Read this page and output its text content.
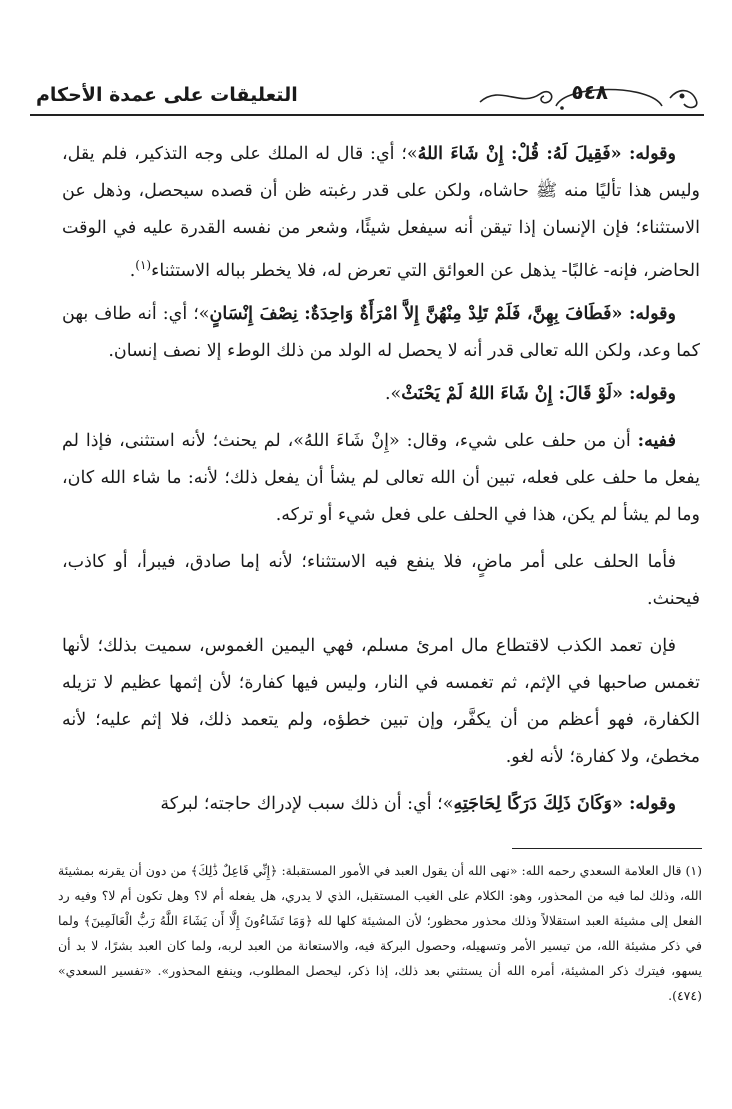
التعليقات على عمدة الأحكام	٥٤٨

وقوله: «فَقِيلَ لَهُ: قُلْ: إِنْ شَاءَ اللهُ»؛ أي: قال له الملك على وجه التذكير، فلم يقل، وليس هذا تأليًا منه ﷺ حاشاه، ولكن على قدر رغبته ظن أن قصده سيحصل، وذهل عن الاستثناء؛ فإن الإنسان إذا تيقن أنه سيفعل شيئًا، وشعر من نفسه القدرة عليه في الوقت الحاضر، فإنه- غالبًا- يذهل عن العوائق التي تعرض له، فلا يخطر بباله الاستثناء$^{(١)}$.

وقوله: «فَطَافَ بِهِنَّ، فَلَمْ تَلِدْ مِنْهُنَّ إِلاَّ امْرَأَةٌ وَاحِدَةٌ: نِصْفَ إِنْسَانٍ»؛ أي: أنه طاف بهن كما وعد، ولكن الله تعالى قدر أنه لا يحصل له الولد من ذلك الوطء إلا نصف إنسان.

وقوله: «لَوْ قَالَ: إِنْ شَاءَ اللهُ لَمْ يَحْنَثْ».

ففيه: أن من حلف على شيء، وقال: «إِنْ شَاءَ اللهُ»، لم يحنث؛ لأنه استثنى، فإذا لم يفعل ما حلف على فعله، تبين أن الله تعالى لم يشأ أن يفعل ذلك؛ لأنه: ما شاء الله كان، وما لم يشأ لم يكن، هذا في الحلف على فعل شيء أو تركه.

فأما الحلف على أمر ماضٍ، فلا ينفع فيه الاستثناء؛ لأنه إما صادق، فيبرأ، أو كاذب، فيحنث.

فإن تعمد الكذب لاقتطاع مال امرئ مسلم، فهي اليمين الغموس، سميت بذلك؛ لأنها تغمس صاحبها في الإثم، ثم تغمسه في النار، وليس فيها كفارة؛ لأن إثمها عظيم لا تزيله الكفارة، فهو أعظم من أن يكفَّر، وإن تبين خطؤه، ولم يتعمد ذلك، فلا إثم عليه؛ لأنه مخطئ، ولا كفارة؛ لأنه لغو.

وقوله: «وَكَانَ ذَلِكَ دَرَكًا لِحَاجَتِهِ»؛ أي: أن ذلك سبب لإدراك حاجته؛ لبركة

(١) قال العلامة السعدي رحمه الله: «نهى الله أن يقول العبد في الأمور المستقبلة: ﴿إِنِّي فَاعِلٌ ذَٰلِكَ﴾ من دون أن يقرنه بمشيئة الله، وذلك لما فيه من المحذور، وهو: الكلام على الغيب المستقبل، الذي لا يدري، هل يفعله أم لا؟ وهل تكون أم لا؟ وفيه رد الفعل إلى مشيئة العبد استقلالاً وذلك محذور محظور؛ لأن المشيئة كلها لله ﴿وَمَا تَشَاءُونَ إِلَّا أَن يَشَاءَ اللَّهُ رَبُّ الْعَالَمِينَ﴾ ولما في ذكر مشيئة الله، من تيسير الأمر وتسهيله، وحصول البركة فيه، والاستعانة من العبد لربه، ولما كان العبد بشرًا، لا بد أن يسهو، فيترك ذكر المشيئة، أمره الله أن يستثني بعد ذلك، إذا ذكر، ليحصل المطلوب، وينفع المحذور». «تفسير السعدي» (٤٧٤).
